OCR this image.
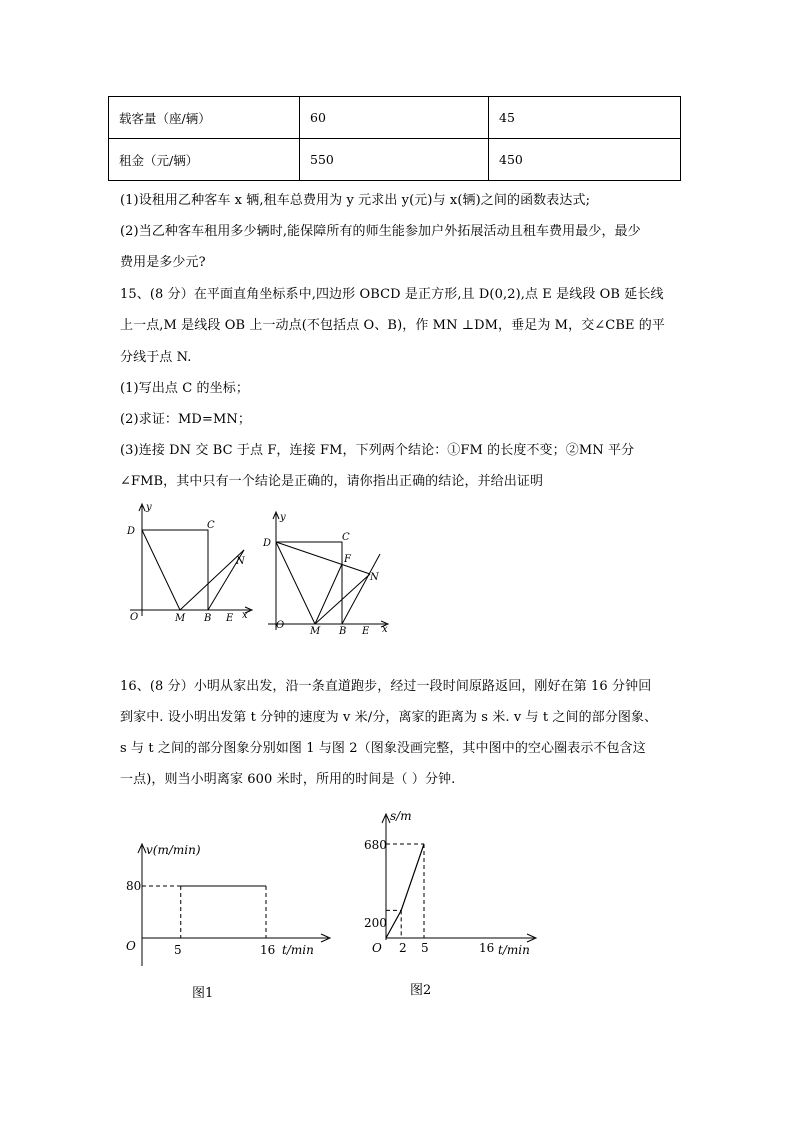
载客量（座/辆）	60	45
租金（元/辆）	550	450
(1)设租用乙种客车 x 辆,租车总费用为 y 元求出 y(元)与 x(辆)之间的函数表达式;
(2)当乙种客车租用多少辆时,能保障所有的师生能参加户外拓展活动且租车费用最少，最少
费用是多少元?
15、(8 分）在平面直角坐标系中,四边形 OBCD 是正方形,且 D(0,2),点 E 是线段 OB 延长线
上一点,M 是线段 OB 上一动点(不包括点 O、B)，作 MN ⊥DM，垂足为 M，交∠CBE 的平
分线于点 N.
(1)写出点 C 的坐标；
(2)求证：MD=MN；
(3)连接 DN 交 BC 于点 F，连接 FM，下列两个结论：①FM 的长度不变；②MN 平分
∠FMB，其中只有一个结论是正确的，请你指出正确的结论，并给出证明
y
D
C
N
O	M B E x
y
D
C
F
N
O
M B E x
16、(8 分）小明从家出发，沿一条直道跑步，经过一段时间原路返回，刚好在第 16 分钟回
到家中. 设小明出发第 t 分钟的速度为 v 米/分，离家的距离为 s 米. v 与 t 之间的部分图象、
s 与 t 之间的部分图象分别如图 1 与图 2（图象没画完整，其中图中的空心圈表示不包含这
一点)，则当小明离家 600 米时，所用的时间是（ ）分钟.
v(m/min)
80
O	5	16 t/min
图1
s/m
680
200
O 2 5	16 t/min
图2
